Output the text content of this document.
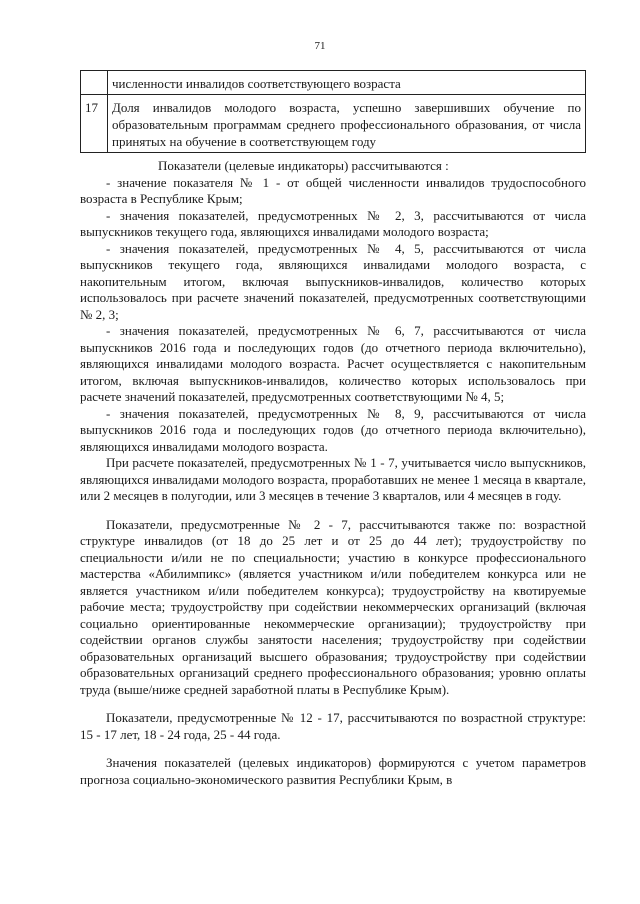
71
	численности инвалидов соответствующего возраста
17	Доля инвалидов молодого возраста, успешно завершивших обучение по образовательным программам среднего профессионального образования, от числа принятых на обучение в соответствующем году

Показатели (целевые индикаторы) рассчитываются :

- значение показателя № 1 - от общей численности инвалидов трудоспособного возраста в Республике Крым;

- значения показателей, предусмотренных № 2, 3, рассчитываются от числа выпускников текущего года, являющихся инвалидами молодого возраста;

- значения показателей, предусмотренных № 4, 5, рассчитываются от числа выпускников текущего года, являющихся инвалидами молодого возраста, с накопительным итогом, включая выпускников-инвалидов, количество которых использовалось при расчете значений показателей, предусмотренных соответствующими № 2, 3;

- значения показателей, предусмотренных № 6, 7, рассчитываются от числа выпускников 2016 года и последующих годов (до отчетного периода включительно), являющихся инвалидами молодого возраста. Расчет осуществляется с накопительным итогом, включая выпускников-инвалидов, количество которых использовалось при расчете значений показателей, предусмотренных соответствующими № 4, 5;

- значения показателей, предусмотренных № 8, 9, рассчитываются от числа выпускников 2016 года и последующих годов (до отчетного периода включительно), являющихся инвалидами молодого возраста.

При расчете показателей, предусмотренных № 1 - 7, учитывается число выпускников, являющихся инвалидами молодого возраста, проработавших не менее 1 месяца в квартале, или 2 месяцев в полугодии, или 3 месяцев в течение 3 кварталов, или 4 месяцев в году.

Показатели, предусмотренные № 2 - 7, рассчитываются также по: возрастной структуре инвалидов (от 18 до 25 лет и от 25 до 44 лет); трудоустройству по специальности и/или не по специальности; участию в конкурсе профессионального мастерства «Абилимпикс» (является участником и/или победителем конкурса или не является участником и/или победителем конкурса); трудоустройству на квотируемые рабочие места; трудоустройству при содействии некоммерческих организаций (включая социально ориентированные некоммерческие организации); трудоустройству при содействии органов службы занятости населения; трудоустройству при содействии образовательных организаций высшего образования; трудоустройству при содействии образовательных организаций среднего профессионального образования; уровню оплаты труда (выше/ниже средней заработной платы в Республике Крым).

Показатели, предусмотренные № 12 - 17, рассчитываются по возрастной структуре: 15 - 17 лет, 18 - 24 года, 25 - 44 года.

Значения показателей (целевых индикаторов) формируются с учетом параметров прогноза социально-экономического развития Республики Крым, в
